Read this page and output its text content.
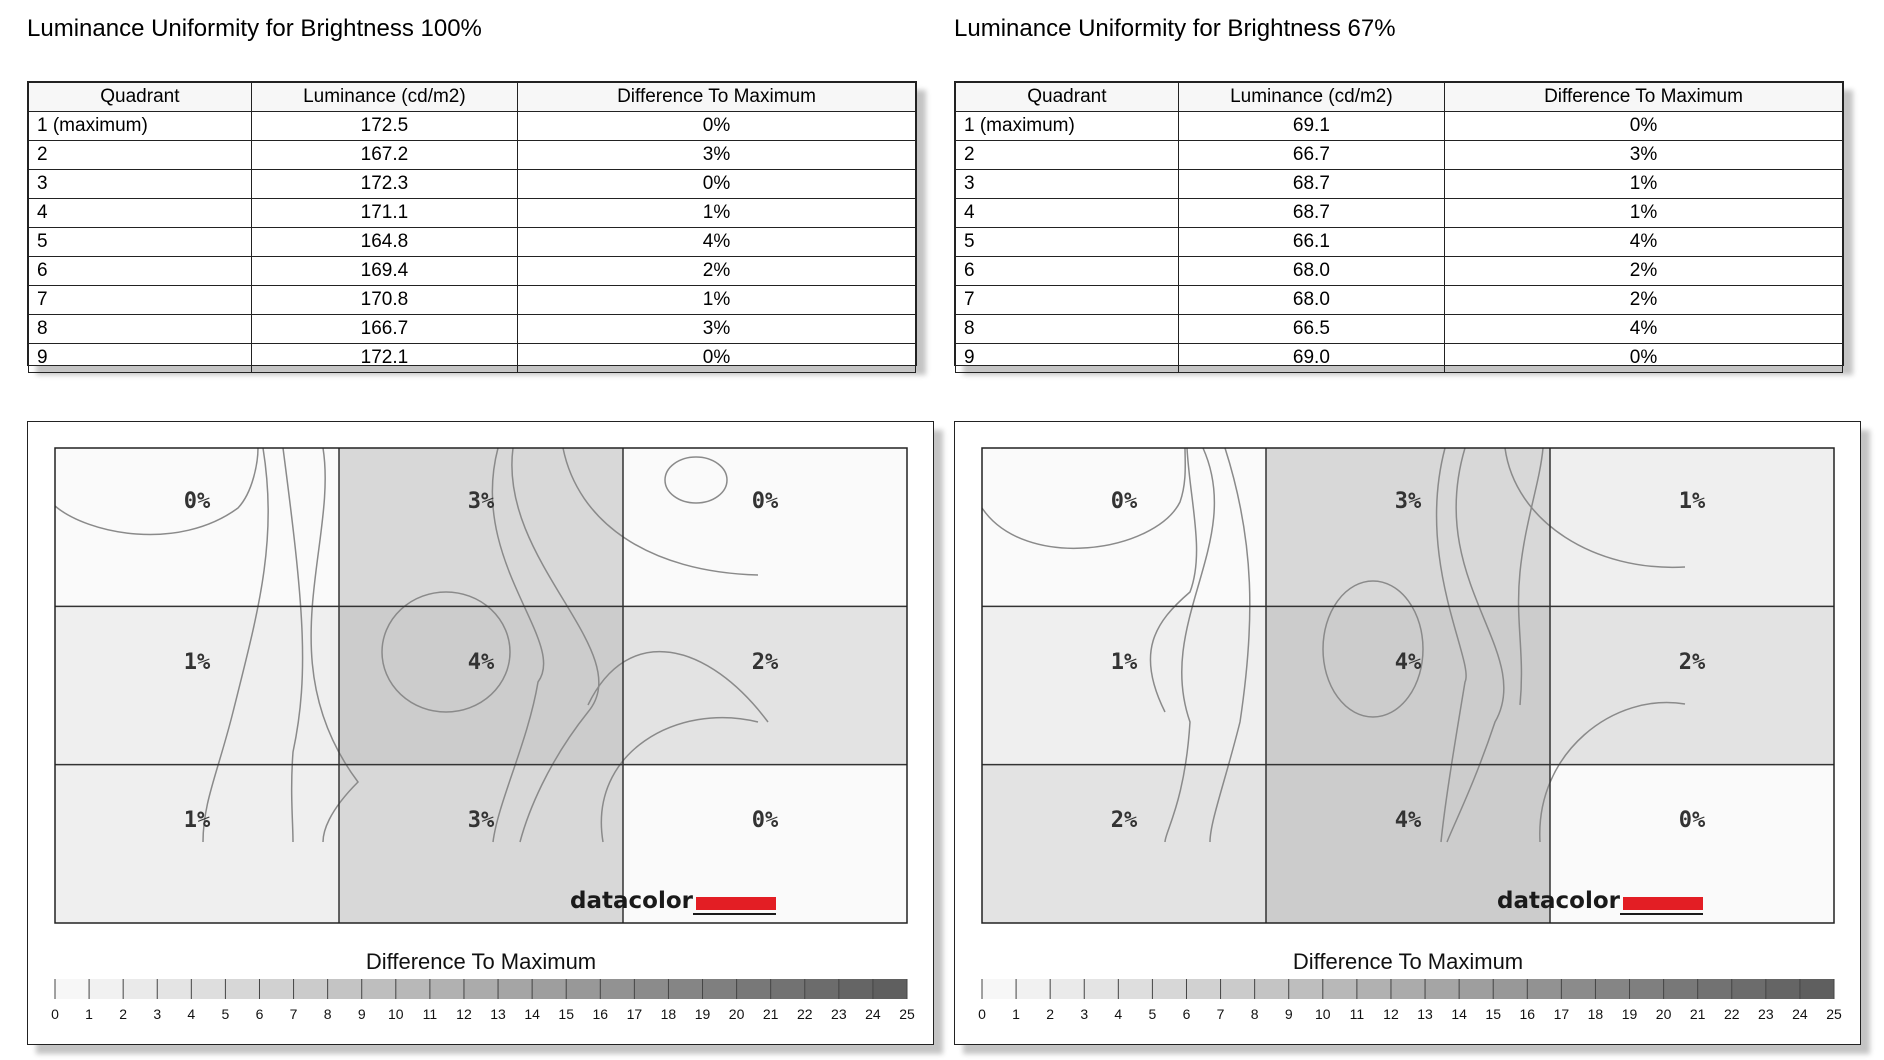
Luminance Uniformity for Brightness 100%
Quadrant	Luminance (cd/m2)	Difference To Maximum
1 (maximum)	172.5	0%
2	167.2	3%
3	172.3	0%
4	171.1	1%
5	164.8	4%
6	169.4	2%
7	170.8	1%
8	166.7	3%
9	172.1	0%
0%	3%	0%
1%	4%	2%
1%	3%	0%
datacolor
Difference To Maximum
0 1 2 3 4 5 6 7 8 9 10 11 12 13 14 15 16 17 18 19 20 21 22 23 24 25
Luminance Uniformity for Brightness 67%
Quadrant	Luminance (cd/m2)	Difference To Maximum
1 (maximum)	69.1	0%
2	66.7	3%
3	68.7	1%
4	68.7	1%
5	66.1	4%
6	68.0	2%
7	68.0	2%
8	66.5	4%
9	69.0	0%
0%	3%	1%
1%	4%	2%
2%	4%	0%
datacolor
Difference To Maximum
0 1 2 3 4 5 6 7 8 9 10 11 12 13 14 15 16 17 18 19 20 21 22 23 24 25
